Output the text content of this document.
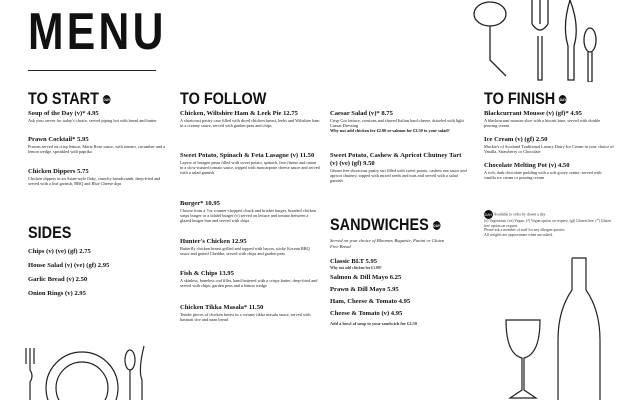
MENU
TO START DAY
Soup of the Day (v)* 4.95
Ask your server for today's choice, served piping hot with bread and butter
Prawn Cocktail* 5.95
Prawns served on crisp lettuce, Marie Rose sauce, with tomato, cucumber and a lemon wedge, sprinkled with paprika
Chicken Dippers 5.75
Chicken dippers in an Asian-style flaky, crunchy breadcrumb, deep-fried and served with a leaf garnish, BBQ and Blue Cheese dips
SIDES
Chips (v) (ve) (gf) 2.75
House Salad (v) (ve) (gf) 2.95
Garlic Bread (v) 2.50
Onion Rings (v) 2.95
TO FOLLOW
Chicken, Wiltshire Ham & Leek Pie 12.75
A shortcrust pastry case filled with diced chicken breast, leeks and Wiltshire ham in a creamy sauce, served with garden peas and chips
Sweet Potato, Spinach & Feta Lasagne (v) 11.50
Layers of lasagne pasta filled with sweet potato, spinach, feta cheese and onion in a slow-roasted tomato sauce, topped with mascarpone cheese sauce and served with a salad garnish
Burger* 10.95
Choose from a 7oz counter-chopped chuck and brisket burger, breaded chicken strips burger or a falafel burger (v) served on lettuce and tomato between a glazed burger bun and served with chips
Hunter's Chicken 12.95
Butterfly chicken breast grilled and topped with bacon, sticky Korean BBQ sauce and grated Cheddar, served with chips and garden peas
Fish & Chips 13.95
A skinless, boneless cod fillet, hand battered with a crispy batter, deep-fried and served with chips, garden peas and a lemon wedge
Chicken Tikka Masala* 11.50
Tender pieces of chicken breast in a creamy tikka masala sauce, served with basmati rice and naan bread
Caesar Salad (v)* 8.75
Crisp Cos lettuce, croutons and shaved Italian hard cheese, drizzled with light Caesar Dressing
Why not add chicken for £2.00 or salmon for £3.50 to your salad?
Sweet Potato, Cashew & Apricot Chutney Tart (v) (ve) (gf) 9.50
Gluten free shortcrust pastry tart filled with sweet potato, cashew nut sauce and apricot chutney, topped with mixed seeds and nuts and served with a salad garnish
SANDWICHES DAY
Served on your choice of Bloomer, Baguette, Panini or Gluten Free Bread
Classic BLT 5.95
Why not add chicken for £1.00?
Salmon & Dill Mayo 6.25
Prawn & Dill Mayo 5.95
Ham, Cheese & Tomato 4.95
Cheese & Tomato (v) 4.95
Add a bowl of soup to your sandwich for £2.50
TO FINISH DAY
Blackcurrant Mousse (v) (gf)* 4.95
A blackcurrant mousse slice with a biscuit base, served with double pouring cream
Ice Cream (v) (gf) 2.50
Mackie's of Scotland Traditional Luxury Dairy Ice Cream in your choice of Vanilla, Strawberry or Chocolate
Chocolate Melting Pot (v) 4.50
A rich, dark chocolate pudding with a soft gooey centre, served with vanilla ice cream or pouring cream
DAY Available to order by drawn a day
(v) Vegetarian, (ve) Vegan, (?) Vegan option on request. (gf) Gluten free, (*) Gluten free option on request.
Please ask a member of staff for any allergen queries.
All weights are approximate when uncooked.
